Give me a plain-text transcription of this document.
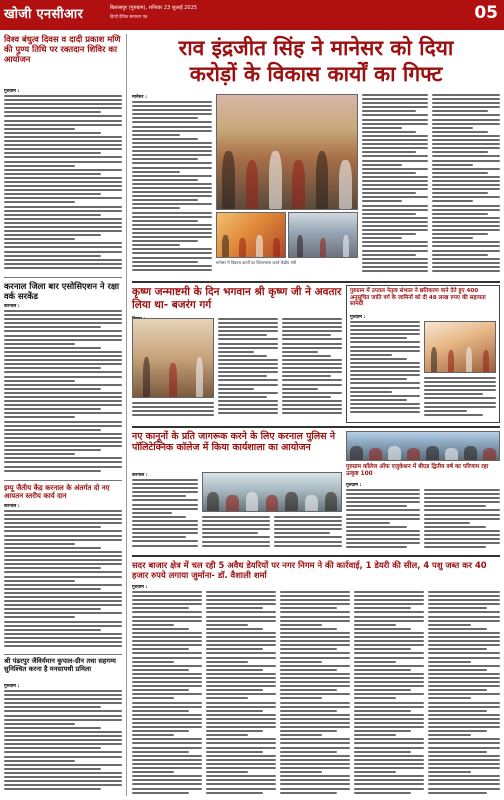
खोजी एनसीआर	बिलासपुर (गुरुग्राम), शनिवार 23 जुलाई 2025
हिन्दी दैनिक समाचार पत्र	05
विश्व बंधुत्व दिवस व दादी प्रकाश मणि की पुण्य तिथि पर रक्तदान शिविर का आयोजन
गुरुग्राम :
करनाल जिला बार एसोसिएशन ने रक्षा वर्क सरकेंड
करनाल :
इम्पू जैतीय केंद्र करनाल के अंतर्गत दो नए आयतन स्तरीय कार्य दान
करनाल :
श्री पंढरपुर जैविर्यमान कुपाल-ग्रीन तथा सहगम्य सुनिश्चित करना है मनसापथी प्रमिला
गुरुग्राम :
राव इंद्रजीत सिंह ने मानेसर को दिया
करोड़ों के विकास कार्यों का गिफ्ट
मानेसर :
मानेसर में विकास कार्यों का शिलान्यास करते केंद्रीय मंत्री
कृष्ण जन्माष्टमी के दिन भगवान श्री कृष्ण जी ने अवतार लिया था- बजरंग गर्ग
गुरुग्राम में उप्ताल नेतृत्व संभाल ने छतिकरण वाने देते हुए 400 अनुसूचित जाति वर्ग के जामिनों को दी 48 लाख रुपए की सहायता सामग्री
गुरुग्राम :
नए कानूनों के प्रति जागरूक करने के लिए करनाल पुलिस ने पॉलिटेक्निक कॉलेज में किया कार्यशाला का आयोजन
करनाल :
गुरुग्राम कॉलेज ऑफ एजुकेशन में बीएड द्वितीय वर्ष का परिणाम रहा उत्कृष्ट 100
गुरुग्राम :
सदर बाजार क्षेत्र में चल रही 5 अवैध डेयरियों पर नगर निगम ने की कार्रवाई, 1 डेयरी की सील, 4 पशु जब्त कर 40 हजार रुपये लगाया जुर्माना- डॉ. वैशाली शर्मा
गुरुग्राम :
